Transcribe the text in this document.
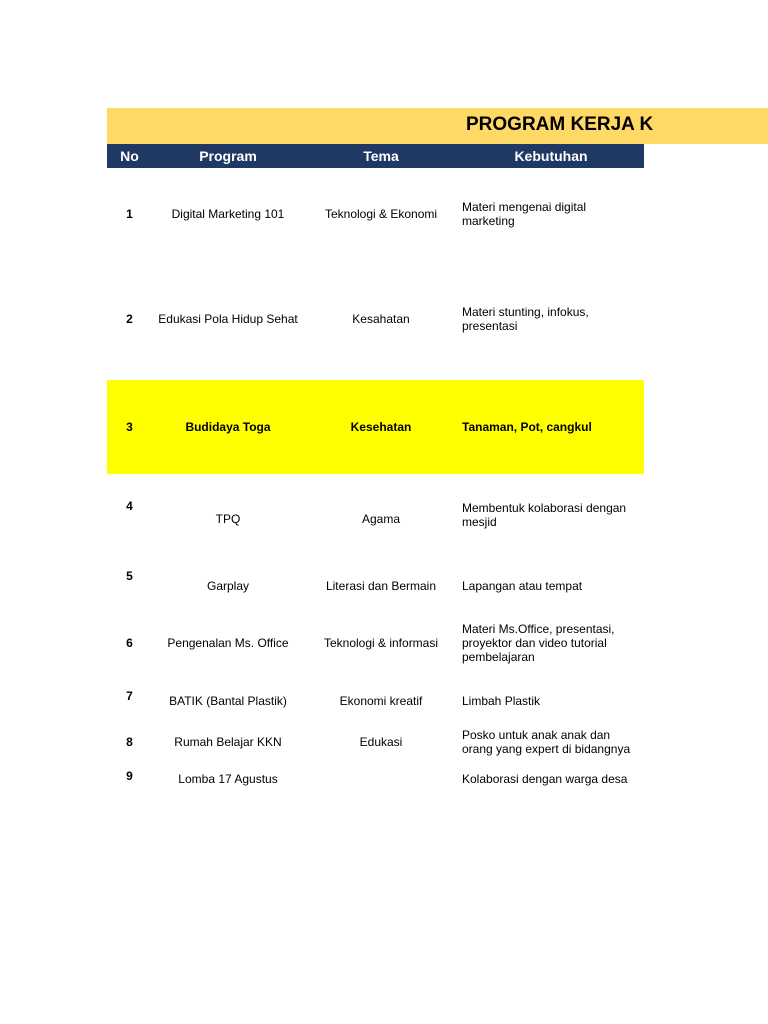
PROGRAM KERJA K
No	Program	Tema	Kebutuhan
1	Digital Marketing 101	Teknologi & Ekonomi	Materi mengenai digital marketing

2	Edukasi Pola Hidup Sehat	Kesahatan	Materi stunting, infokus, presentasi

3	Budidaya Toga	Kesehatan	Tanaman, Pot, cangkul
4	TPQ	Agama	Membentuk kolaborasi dengan mesjid
5	Garplay	Literasi dan Bermain	Lapangan atau tempat
6	Pengenalan Ms. Office	Teknologi & informasi	Materi Ms.Office, presentasi, proyektor dan video tutorial pembelajaran
7	BATIK (Bantal Plastik)	Ekonomi kreatif	Limbah Plastik
8	Rumah Belajar KKN	Edukasi	Posko untuk anak anak dan orang yang expert di bidangnya
9	Lomba 17 Agustus		Kolaborasi dengan warga desa
